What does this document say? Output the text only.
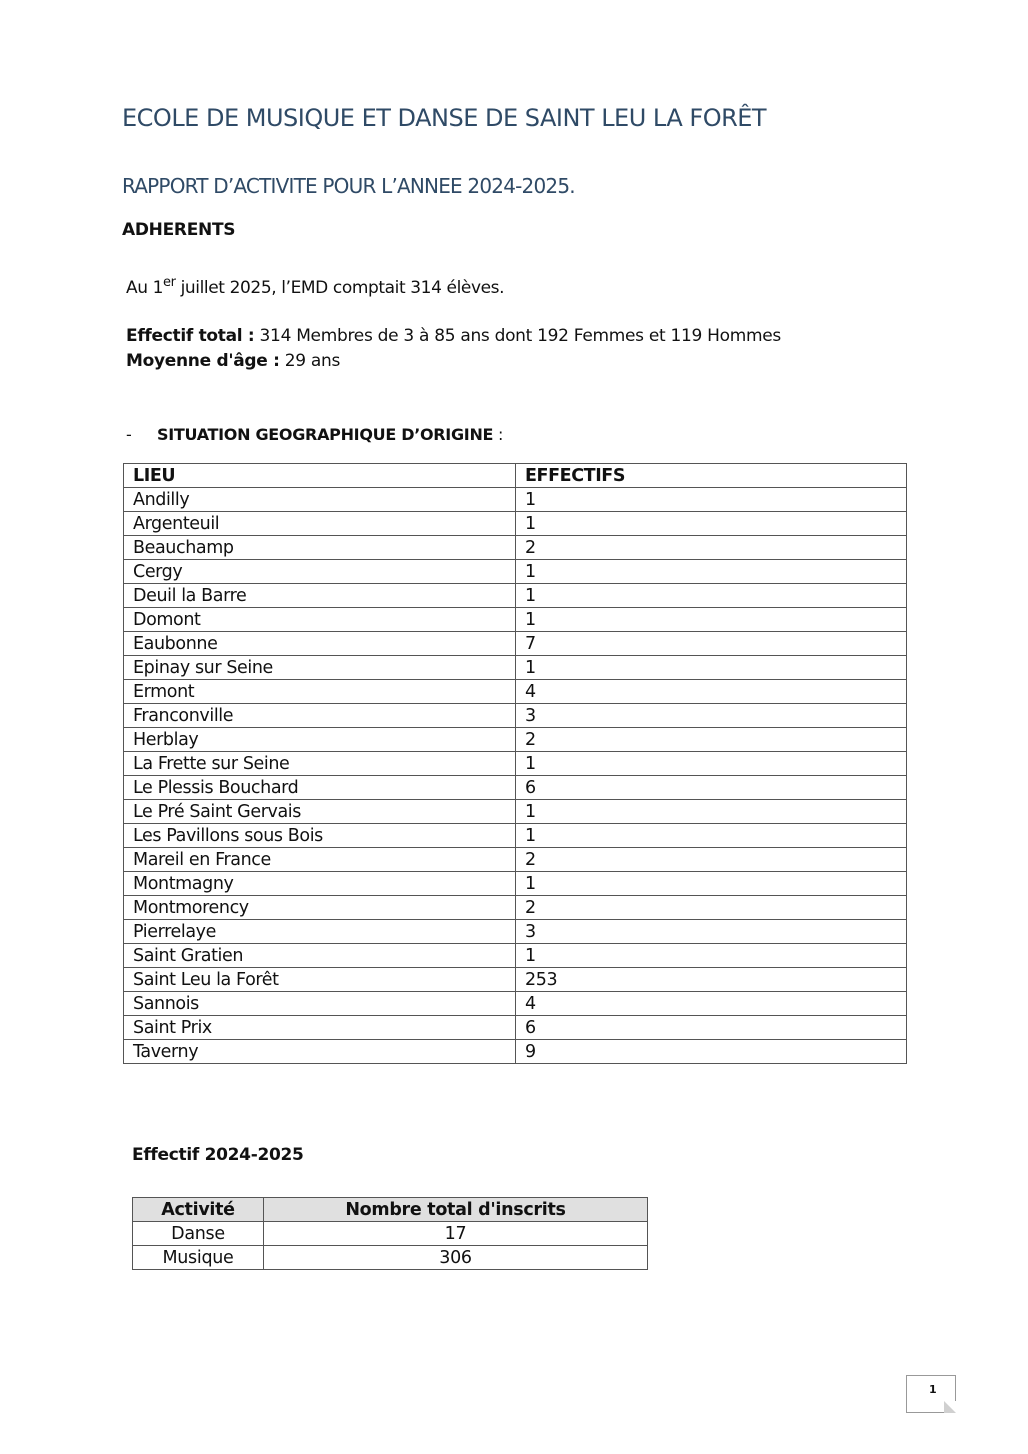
ECOLE DE MUSIQUE ET DANSE DE SAINT LEU LA FORÊT
RAPPORT D’ACTIVITE POUR L’ANNEE 2024-2025.
ADHERENTS
Au 1er juillet 2025, l’EMD comptait 314 élèves.
Effectif total : 314 Membres de 3 à 85 ans dont 192 Femmes et 119 Hommes
Moyenne d'âge : 29 ans
- SITUATION GEOGRAPHIQUE D’ORIGINE :
LIEU	EFFECTIFS
Andilly	1
Argenteuil	1
Beauchamp	2
Cergy	1
Deuil la Barre	1
Domont	1
Eaubonne	7
Epinay sur Seine	1
Ermont	4
Franconville	3
Herblay	2
La Frette sur Seine	1
Le Plessis Bouchard	6
Le Pré Saint Gervais	1
Les Pavillons sous Bois	1
Mareil en France	2
Montmagny	1
Montmorency	2
Pierrelaye	3
Saint Gratien	1
Saint Leu la Forêt	253
Sannois	4
Saint Prix	6
Taverny	9
Effectif 2024-2025
Activité	Nombre total d'inscrits
Danse	17
Musique	306
1
